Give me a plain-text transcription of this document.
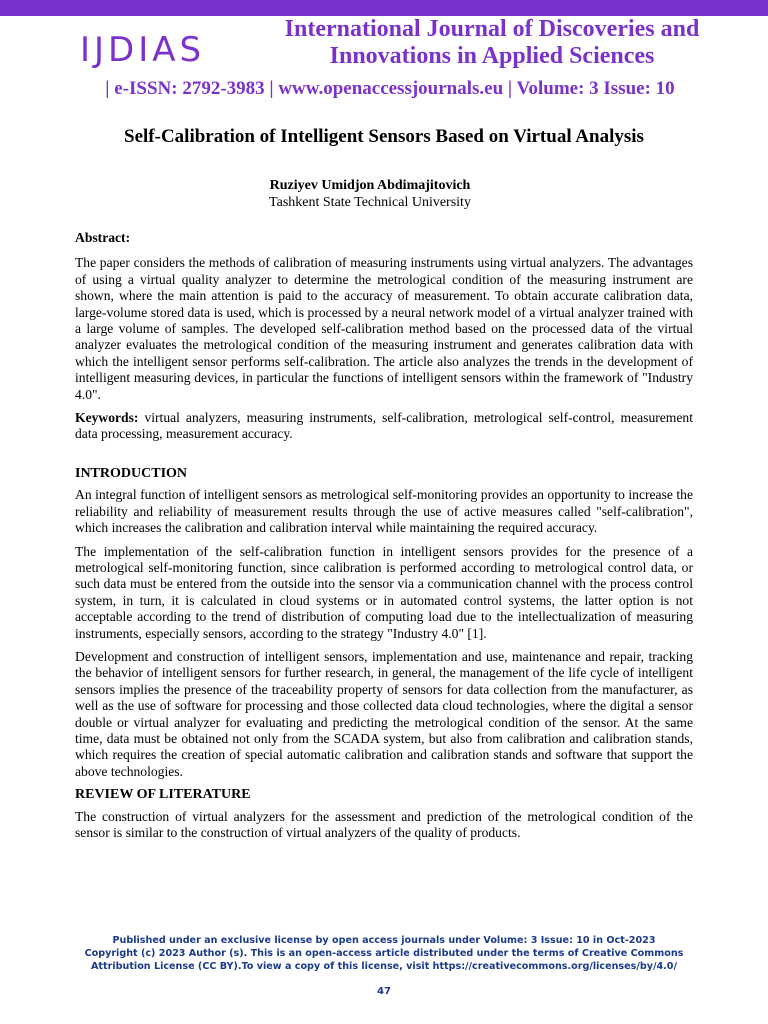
IJDIAS
International Journal of Discoveries and
Innovations in Applied Sciences
| e-ISSN: 2792-3983 | www.openaccessjournals.eu | Volume: 3 Issue: 10
Self-Calibration of Intelligent Sensors Based on Virtual Analysis
Ruziyev Umidjon Abdimajitovich
Tashkent State Technical University

Abstract:

The paper considers the methods of calibration of measuring instruments using virtual analyzers. The advantages of using a virtual quality analyzer to determine the metrological condition of the measuring instrument are shown, where the main attention is paid to the accuracy of measurement. To obtain accurate calibration data, large-volume stored data is used, which is processed by a neural network model of a virtual analyzer trained with a large volume of samples. The developed self-calibration method based on the processed data of the virtual analyzer evaluates the metrological condition of the measuring instrument and generates calibration data with which the intelligent sensor performs self-calibration. The article also analyzes the trends in the development of intelligent measuring devices, in particular the functions of intelligent sensors within the framework of "Industry 4.0".

Keywords: virtual analyzers, measuring instruments, self-calibration, metrological self-control, measurement data processing, measurement accuracy.

INTRODUCTION

An integral function of intelligent sensors as metrological self-monitoring provides an opportunity to increase the reliability and reliability of measurement results through the use of active measures called "self-calibration", which increases the calibration and calibration interval while maintaining the required accuracy.

The implementation of the self-calibration function in intelligent sensors provides for the presence of a metrological self-monitoring function, since calibration is performed according to metrological control data, or such data must be entered from the outside into the sensor via a communication channel with the process control system, in turn, it is calculated in cloud systems or in automated control systems, the latter option is not acceptable according to the trend of distribution of computing load due to the intellectualization of measuring instruments, especially sensors, according to the strategy "Industry 4.0" [1].

Development and construction of intelligent sensors, implementation and use, maintenance and repair, tracking the behavior of intelligent sensors for further research, in general, the management of the life cycle of intelligent sensors implies the presence of the traceability property of sensors for data collection from the manufacturer, as well as the use of software for processing and those collected data cloud technologies, where the digital a sensor double or virtual analyzer for evaluating and predicting the metrological condition of the sensor. At the same time, data must be obtained not only from the SCADA system, but also from calibration and calibration stands, which requires the creation of special automatic calibration and calibration stands and software that support the above technologies.

REVIEW OF LITERATURE

The construction of virtual analyzers for the assessment and prediction of the metrological condition of the sensor is similar to the construction of virtual analyzers of the quality of products.

Published under an exclusive license by open access journals under Volume: 3 Issue: 10 in Oct-2023
Copyright (c) 2023 Author (s). This is an open-access article distributed under the terms of Creative Commons
Attribution License (CC BY).To view a copy of this license, visit https://creativecommons.org/licenses/by/4.0/
47
